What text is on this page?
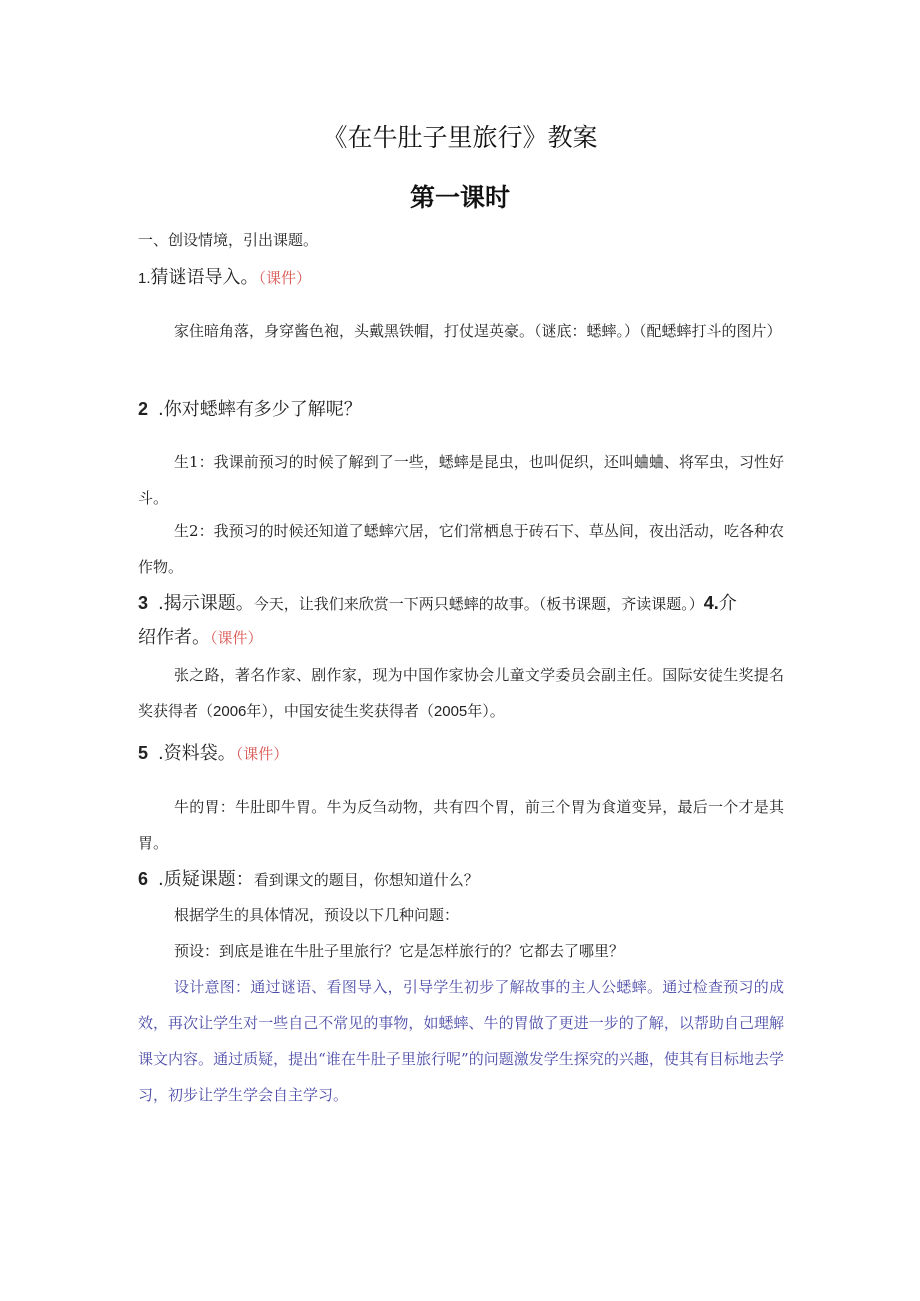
《在牛肚子里旅行》教案
第一课时
一、创设情境，引出课题。
1.猜谜语导入。（课件）
家住暗角落，身穿酱色袍，头戴黑铁帽，打仗逞英豪。（谜底：蟋蟀。）（配蟋蟀打斗的图片）
2 .你对蟋蟀有多少了解呢？
生1：我课前预习的时候了解到了一些，蟋蟀是昆虫，也叫促织，还叫蛐蛐、将军虫，习性好斗。
生2：我预习的时候还知道了蟋蟀穴居，它们常栖息于砖石下、草丛间，夜出活动，吃各种农作物。
3 .揭示课题。今天，让我们来欣赏一下两只蟋蟀的故事。（板书课题，齐读课题。）4.介
绍作者。（课件）
张之路，著名作家、剧作家，现为中国作家协会儿童文学委员会副主任。国际安徒生奖提名奖获得者（2006年），中国安徒生奖获得者（2005年）。
5 .资料袋。（课件）
牛的胃：牛肚即牛胃。牛为反刍动物，共有四个胃，前三个胃为食道变异，最后一个才是其胃。
6 .质疑课题：看到课文的题目，你想知道什么？
根据学生的具体情况，预设以下几种问题：
预设：到底是谁在牛肚子里旅行？它是怎样旅行的？它都去了哪里？
设计意图：通过谜语、看图导入，引导学生初步了解故事的主人公蟋蟀。通过检查预习的成效，再次让学生对一些自己不常见的事物，如蟋蟀、牛的胃做了更进一步的了解，以帮助自己理解课文内容。通过质疑，提出“谁在牛肚子里旅行呢”的问题激发学生探究的兴趣，使其有目标地去学习，初步让学生学会自主学习。
